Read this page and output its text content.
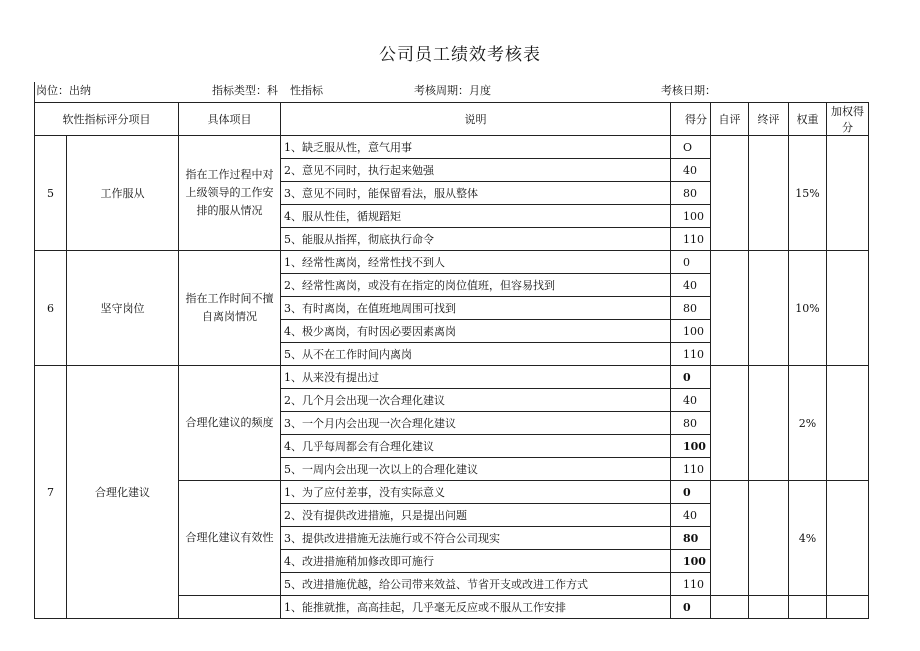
公司员工绩效考核表
岗位：出纳	指标类型：科 性指标	考核周期：月度	考核日期：

软性指标评分项目		具体项目	说明	得分	自评	终评	权重	加权得分
5	工作服从	指在工作过程中对上级领导的工作安排的服从情况	1、缺乏服从性，意气用事	O			15%	
			2、意见不同时，执行起来勉强	40				
			3、意见不同时，能保留看法，服从整体	80				
			4、服从性佳，循规蹈矩	100				
			5、能服从指挥，彻底执行命令	110				
6	坚守岗位	指在工作时间不擅自离岗情况	1、经常性离岗，经常性找不到人	0			10%	
			2、经常性离岗，或没有在指定的岗位值班，但容易找到	40				
			3、有时离岗，在值班地周围可找到	80				
			4、极少离岗，有时因必要因素离岗	100				
			5、从不在工作时间内离岗	110				
7	合理化建议	合理化建议的频度	1、从来没有提出过	0			2%	
			2、几个月会出现一次合理化建议	40				
			3、一个月内会出现一次合理化建议	80				
			4、几乎每周都会有合理化建议	100				
			5、一周内会出现一次以上的合理化建议	110				
		合理化建议有效性	1、为了应付差事，没有实际意义	0			4%	
			2、没有提供改进措施，只是提出问题	40				
			3、提供改进措施无法施行或不符合公司现实	80				
			4、改进措施稍加修改即可施行	100				
			5、改进措施优越，给公司带来效益、节省开支或改进工作方式	110				
			1、能推就推，高高挂起，几乎毫无反应或不服从工作安排	0				
